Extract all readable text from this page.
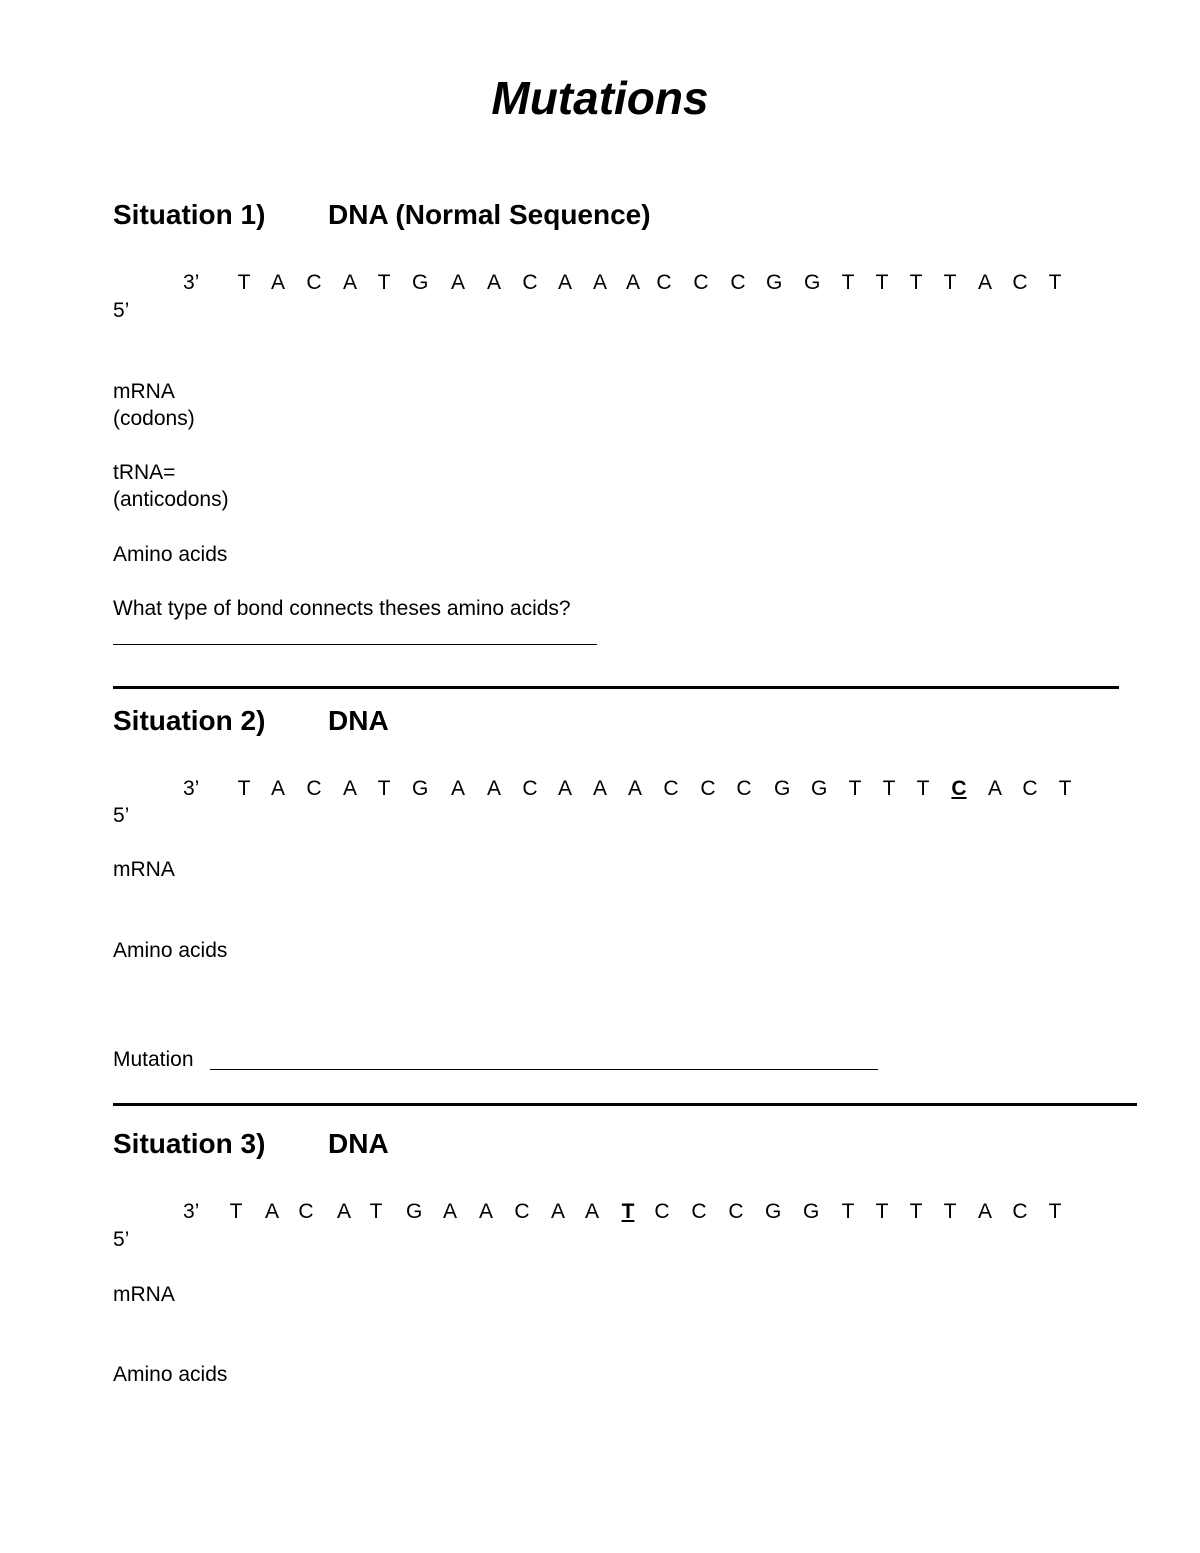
Mutations
Situation 1) DNA (Normal Sequence)
3’ T A C A T G A A C A A A C C C G G T T T T A C T
5’
mRNA
(codons)
tRNA=
(anticodons)
Amino acids
What type of bond connects theses amino acids?
Situation 2) DNA
3’ T A C A T G A A C A A A C C C G G T T T C A C T
5’
mRNA
Amino acids
Mutation
Situation 3) DNA
3’ T A C A T G A A C A A T C C C G G T T T T A C T
5’
mRNA
Amino acids
